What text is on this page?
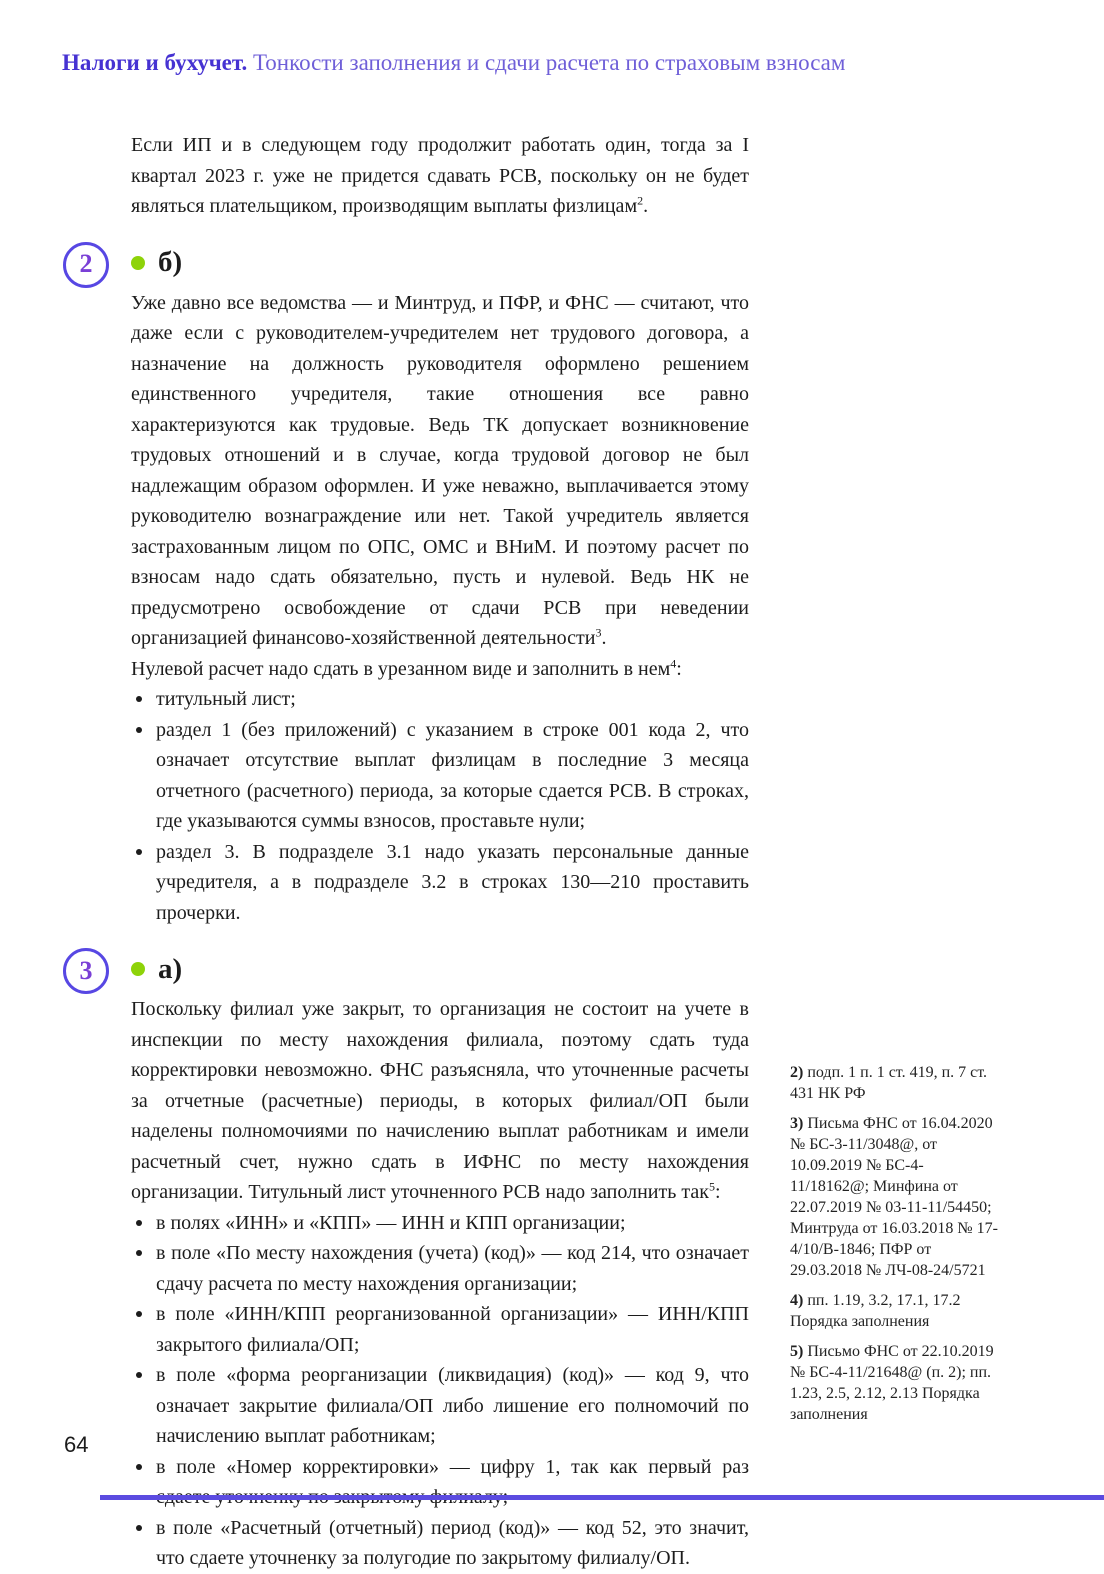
Налоги и бухучет. Тонкости заполнения и сдачи расчета по страховым взносам

Если ИП и в следующем году продолжит работать один, тогда за I квартал 2023 г. уже не придется сдавать РСВ, поскольку он не будет являться плательщиком, производящим выплаты физлицам$^2$.

2 б)

Уже давно все ведомства — и Минтруд, и ПФР, и ФНС — считают, что даже если с руководителем-учредителем нет трудового договора, а назначение на должность руководителя оформлено решением единственного учредителя, такие отношения все равно характеризуются как трудовые. Ведь ТК допускает возникновение трудовых отношений и в случае, когда трудовой договор не был надлежащим образом оформлен. И уже неважно, выплачивается этому руководителю вознаграждение или нет. Такой учредитель является застрахованным лицом по ОПС, ОМС и ВНиМ. И поэтому расчет по взносам надо сдать обязательно, пусть и нулевой. Ведь НК не предусмотрено освобождение от сдачи РСВ при неведении организацией финансово-хозяйственной деятельности$^3$.

Нулевой расчет надо сдать в урезанном виде и заполнить в нем$^4$:

титульный лист;
раздел 1 (без приложений) с указанием в строке 001 кода 2, что означает отсутствие выплат физлицам в последние 3 месяца отчетного (расчетного) периода, за которые сдается РСВ. В строках, где указываются суммы взносов, проставьте нули;
раздел 3. В подразделе 3.1 надо указать персональные данные учредителя, а в подразделе 3.2 в строках 130—210 проставить прочерки.
3 а)

Поскольку филиал уже закрыт, то организация не состоит на учете в инспекции по месту нахождения филиала, поэтому сдать туда корректировки невозможно. ФНС разъясняла, что уточненные расчеты за отчетные (расчетные) периоды, в которых филиал/ОП были наделены полномочиями по начислению выплат работникам и имели расчетный счет, нужно сдать в ИФНС по месту нахождения организации. Титульный лист уточненного РСВ надо заполнить так$^5$:

в полях «ИНН» и «КПП» — ИНН и КПП организации;
в поле «По месту нахождения (учета) (код)» — код 214, что означает сдачу расчета по месту нахождения организации;
в поле «ИНН/КПП реорганизованной организации» — ИНН/КПП закрытого филиала/ОП;
в поле «форма реорганизации (ликвидация) (код)» — код 9, что означает закрытие филиала/ОП либо лишение его полномочий по начислению выплат работникам;
в поле «Номер корректировки» — цифру 1, так как первый раз
в поле «Расчетный (отчетный) период (код)» — код 52, это значит, что сдаете уточненку за полугодие по закрытому филиалу/ОП.
2) подп. 1 п. 1 ст. 419, п. 7 ст. 431 НК РФ
3) Письма ФНС от 16.04.2020 № БС-3-11/3048@, от 10.09.2019 № БС-4-11/18162@; Минфина от 22.07.2019 № 03-11-11/54450; Минтруда от 16.03.2018 № 17-4/10/В-1846; ПФР от 29.03.2018 № ЛЧ-08-24/5721
4) пп. 1.19, 3.2, 17.1, 17.2 Порядка заполнения
5) Письмо ФНС от 22.10.2019 № БС-4-11/21648@ (п. 2); пп. 1.23, 2.5, 2.12, 2.13 Порядка заполнения
64
